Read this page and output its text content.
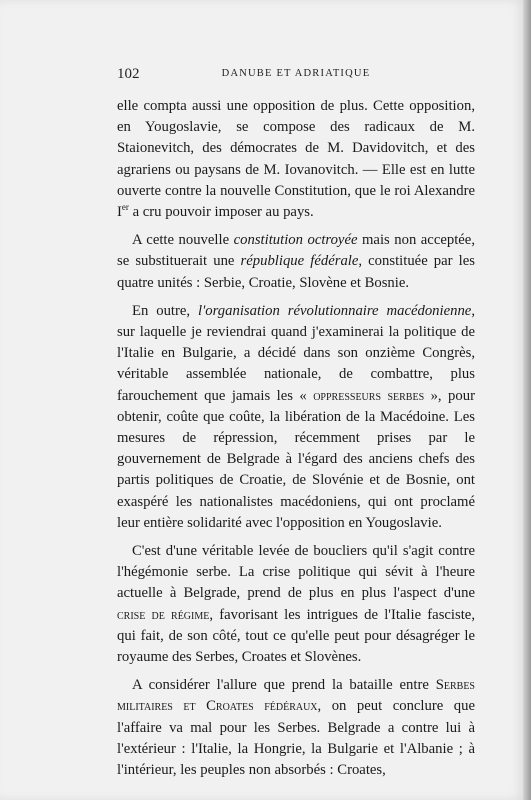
102	DANUBE ET ADRIATIQUE

elle compta aussi une opposition de plus. Cette opposition, en Yougoslavie, se compose des radicaux de M. Staionevitch, des démocrates de M. Davidovitch, et des agrariens ou paysans de M. Iovanovitch. — Elle est en lutte ouverte contre la nouvelle Constitution, que le roi Alexandre Ier a cru pouvoir imposer au pays.

A cette nouvelle constitution octroyée mais non acceptée, se substituerait une république fédérale, constituée par les quatre unités : Serbie, Croatie, Slovène et Bosnie.

En outre, l'organisation révolutionnaire macédonienne, sur laquelle je reviendrai quand j'examinerai la politique de l'Italie en Bulgarie, a décidé dans son onzième Congrès, véritable assemblée nationale, de combattre, plus farouchement que jamais les « oppresseurs serbes », pour obtenir, coûte que coûte, la libération de la Macédoine. Les mesures de répression, récemment prises par le gouvernement de Belgrade à l'égard des anciens chefs des partis politiques de Croatie, de Slovénie et de Bosnie, ont exaspéré les nationalistes macédoniens, qui ont proclamé leur entière solidarité avec l'opposition en Yougoslavie.

C'est d'une véritable levée de boucliers qu'il s'agit contre l'hégémonie serbe. La crise politique qui sévit à l'heure actuelle à Belgrade, prend de plus en plus l'aspect d'une crise de régime, favorisant les intrigues de l'Italie fasciste, qui fait, de son côté, tout ce qu'elle peut pour désagréger le royaume des Serbes, Croates et Slovènes.

A considérer l'allure que prend la bataille entre Serbes militaires et Croates fédéraux, on peut conclure que l'affaire va mal pour les Serbes. Belgrade a contre lui à l'extérieur : l'Italie, la Hongrie, la Bulgarie et l'Albanie ; à l'intérieur, les peuples non absorbés : Croates,
